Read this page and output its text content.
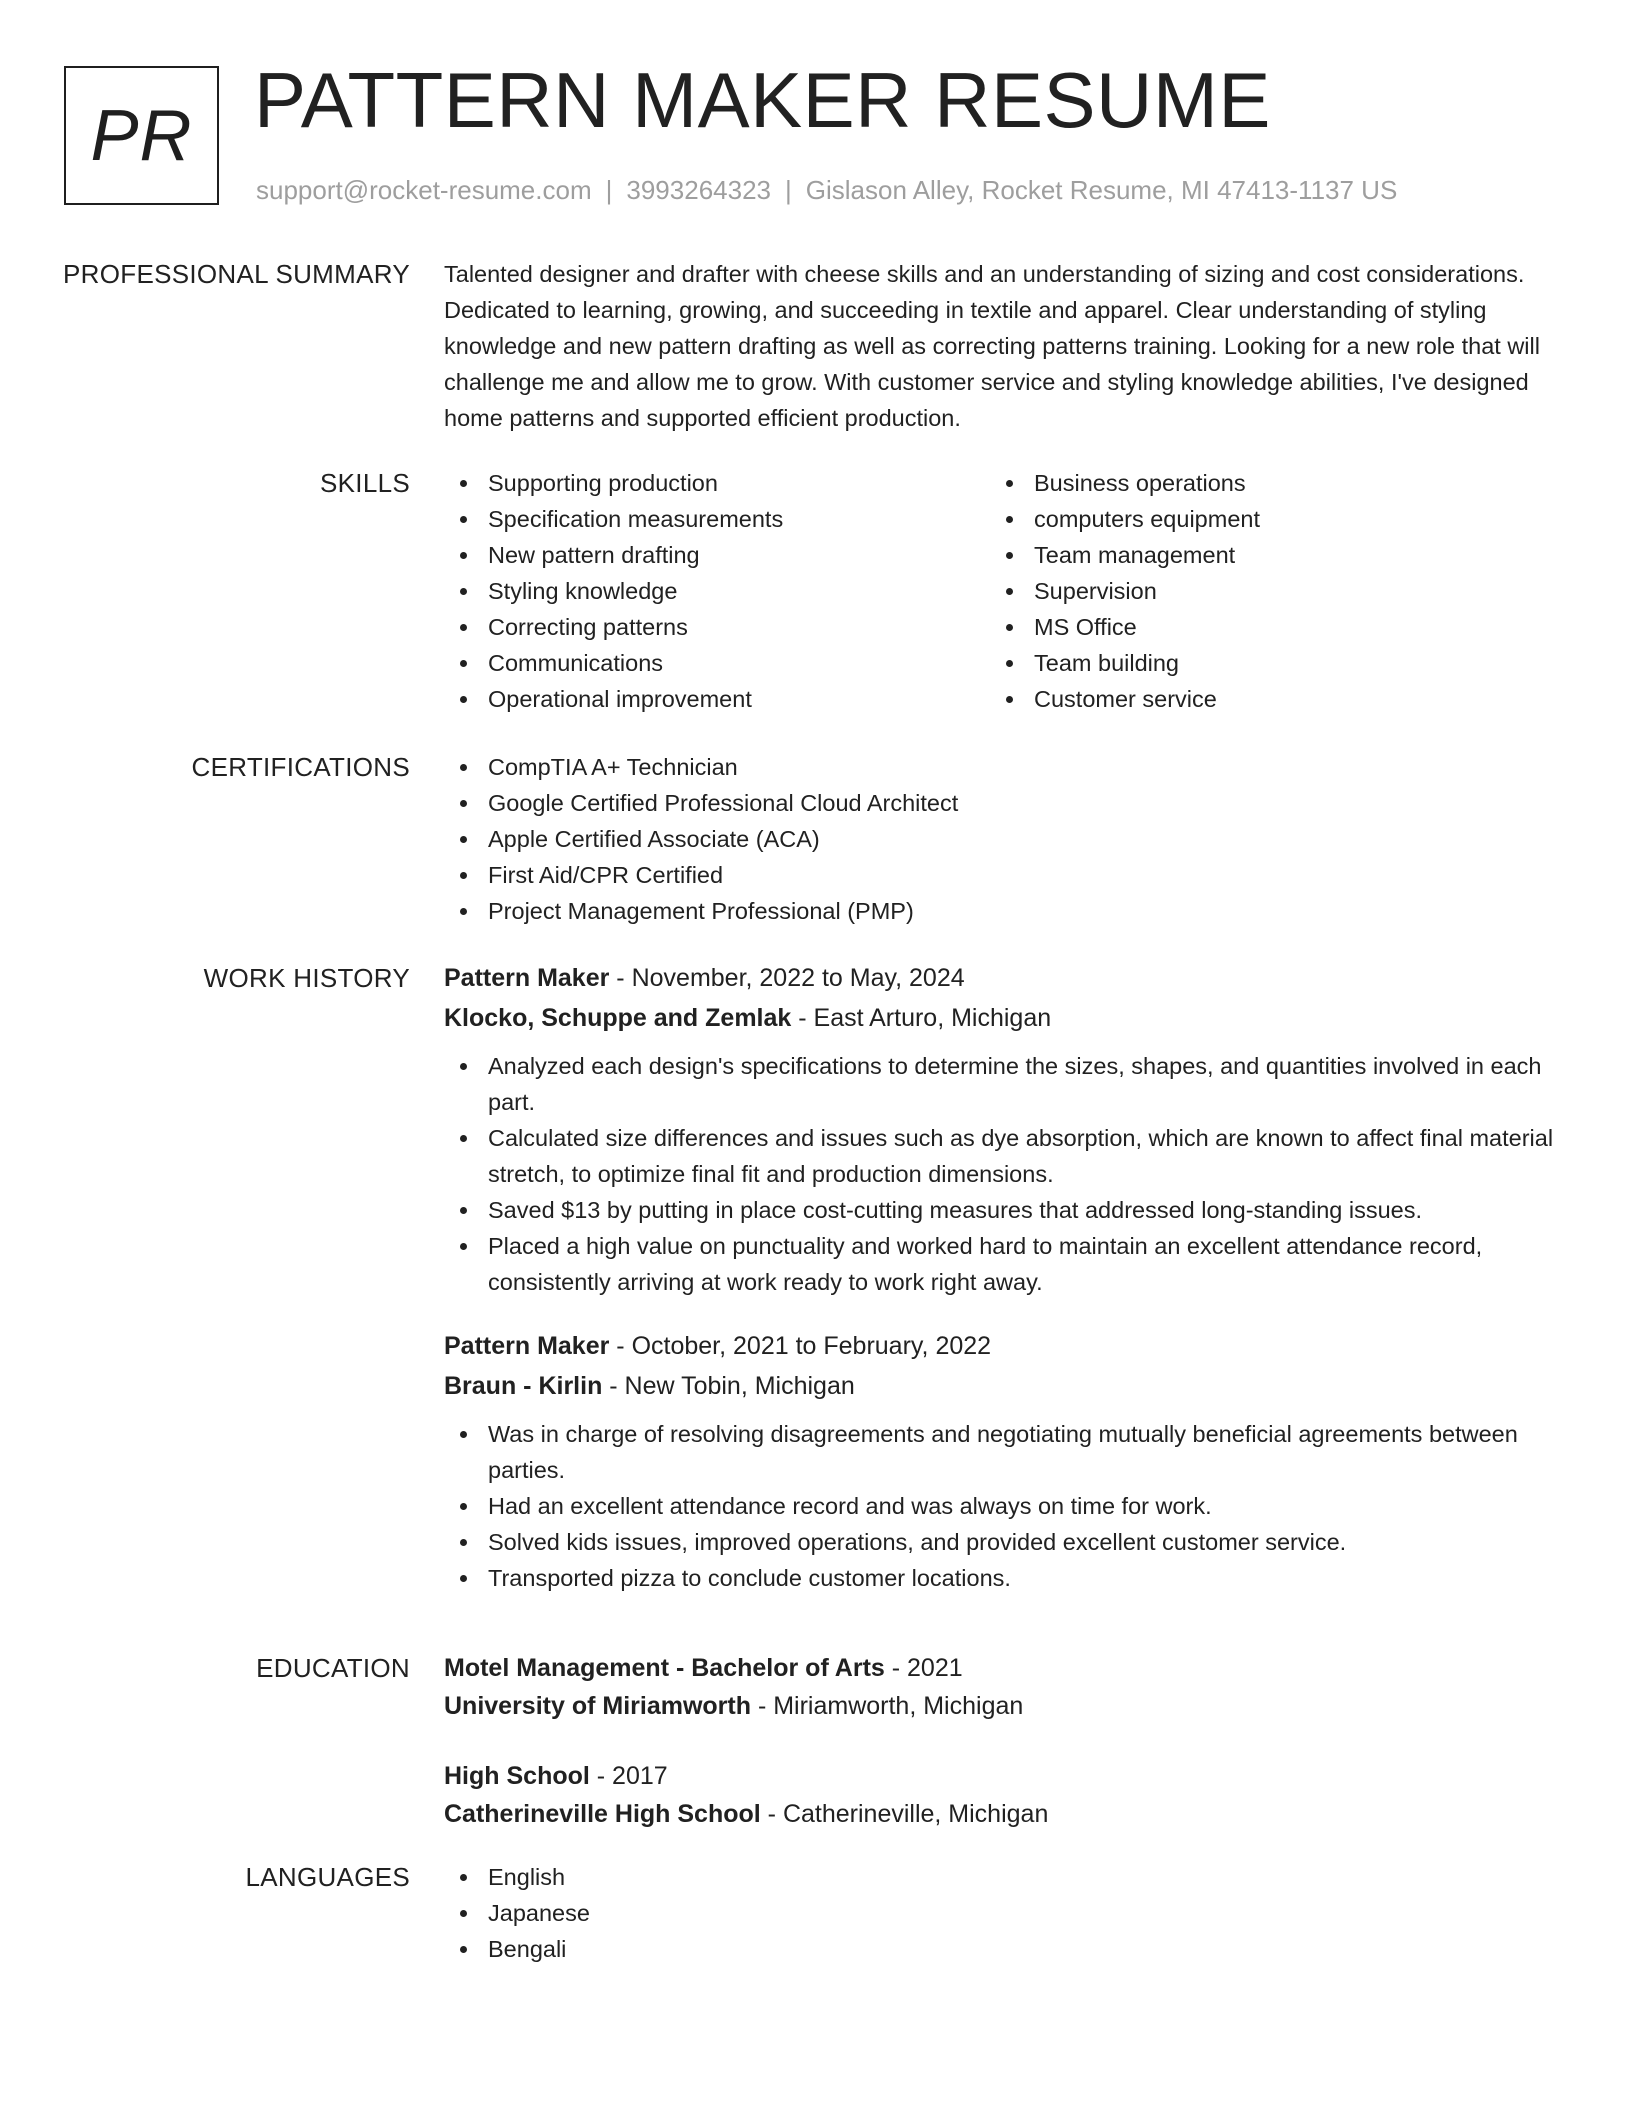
PR PATTERN MAKER RESUME
support@rocket-resume.com | 3993264323 | Gislason Alley, Rocket Resume, MI 47413-1137 US
PROFESSIONAL SUMMARY Talented designer and drafter with cheese skills and an understanding of sizing and cost considerations. Dedicated to learning, growing, and succeeding in textile and apparel. Clear understanding of styling knowledge and new pattern drafting as well as correcting patterns training. Looking for a new role that will challenge me and allow me to grow. With customer service and styling knowledge abilities, I've designed home patterns and supported efficient production.

SKILLS	Supporting production
Specification measurements
New pattern drafting
Styling knowledge
Correcting patterns
Communications
Operational improvement
Business operations
computers equipment
Team management
Supervision
MS Office
Team building
Customer service
CERTIFICATIONS	CompTIA A+ Technician
Google Certified Professional Cloud Architect
Apple Certified Associate (ACA)
First Aid/CPR Certified
Project Management Professional (PMP)
WORK HISTORY Pattern Maker - November, 2022 to May, 2024
Klocko, Schuppe and Zemlak - East Arturo, Michigan
Analyzed each design's specifications to determine the sizes, shapes, and quantities involved in each part.
Calculated size differences and issues such as dye absorption, which are known to affect final material stretch, to optimize final fit and production dimensions.
Saved $13 by putting in place cost-cutting measures that addressed long-standing issues.
Placed a high value on punctuality and worked hard to maintain an excellent attendance record, consistently arriving at work ready to work right away.
Pattern Maker - October, 2021 to February, 2022
Braun - Kirlin - New Tobin, Michigan
Was in charge of resolving disagreements and negotiating mutually beneficial agreements between parties.
Had an excellent attendance record and was always on time for work.
Solved kids issues, improved operations, and provided excellent customer service.
Transported pizza to conclude customer locations.
EDUCATION Motel Management - Bachelor of Arts - 2021
University of Miriamworth - Miriamworth, Michigan
High School - 2017
Catherineville High School - Catherineville, Michigan
LANGUAGES	English
Japanese
Bengali
